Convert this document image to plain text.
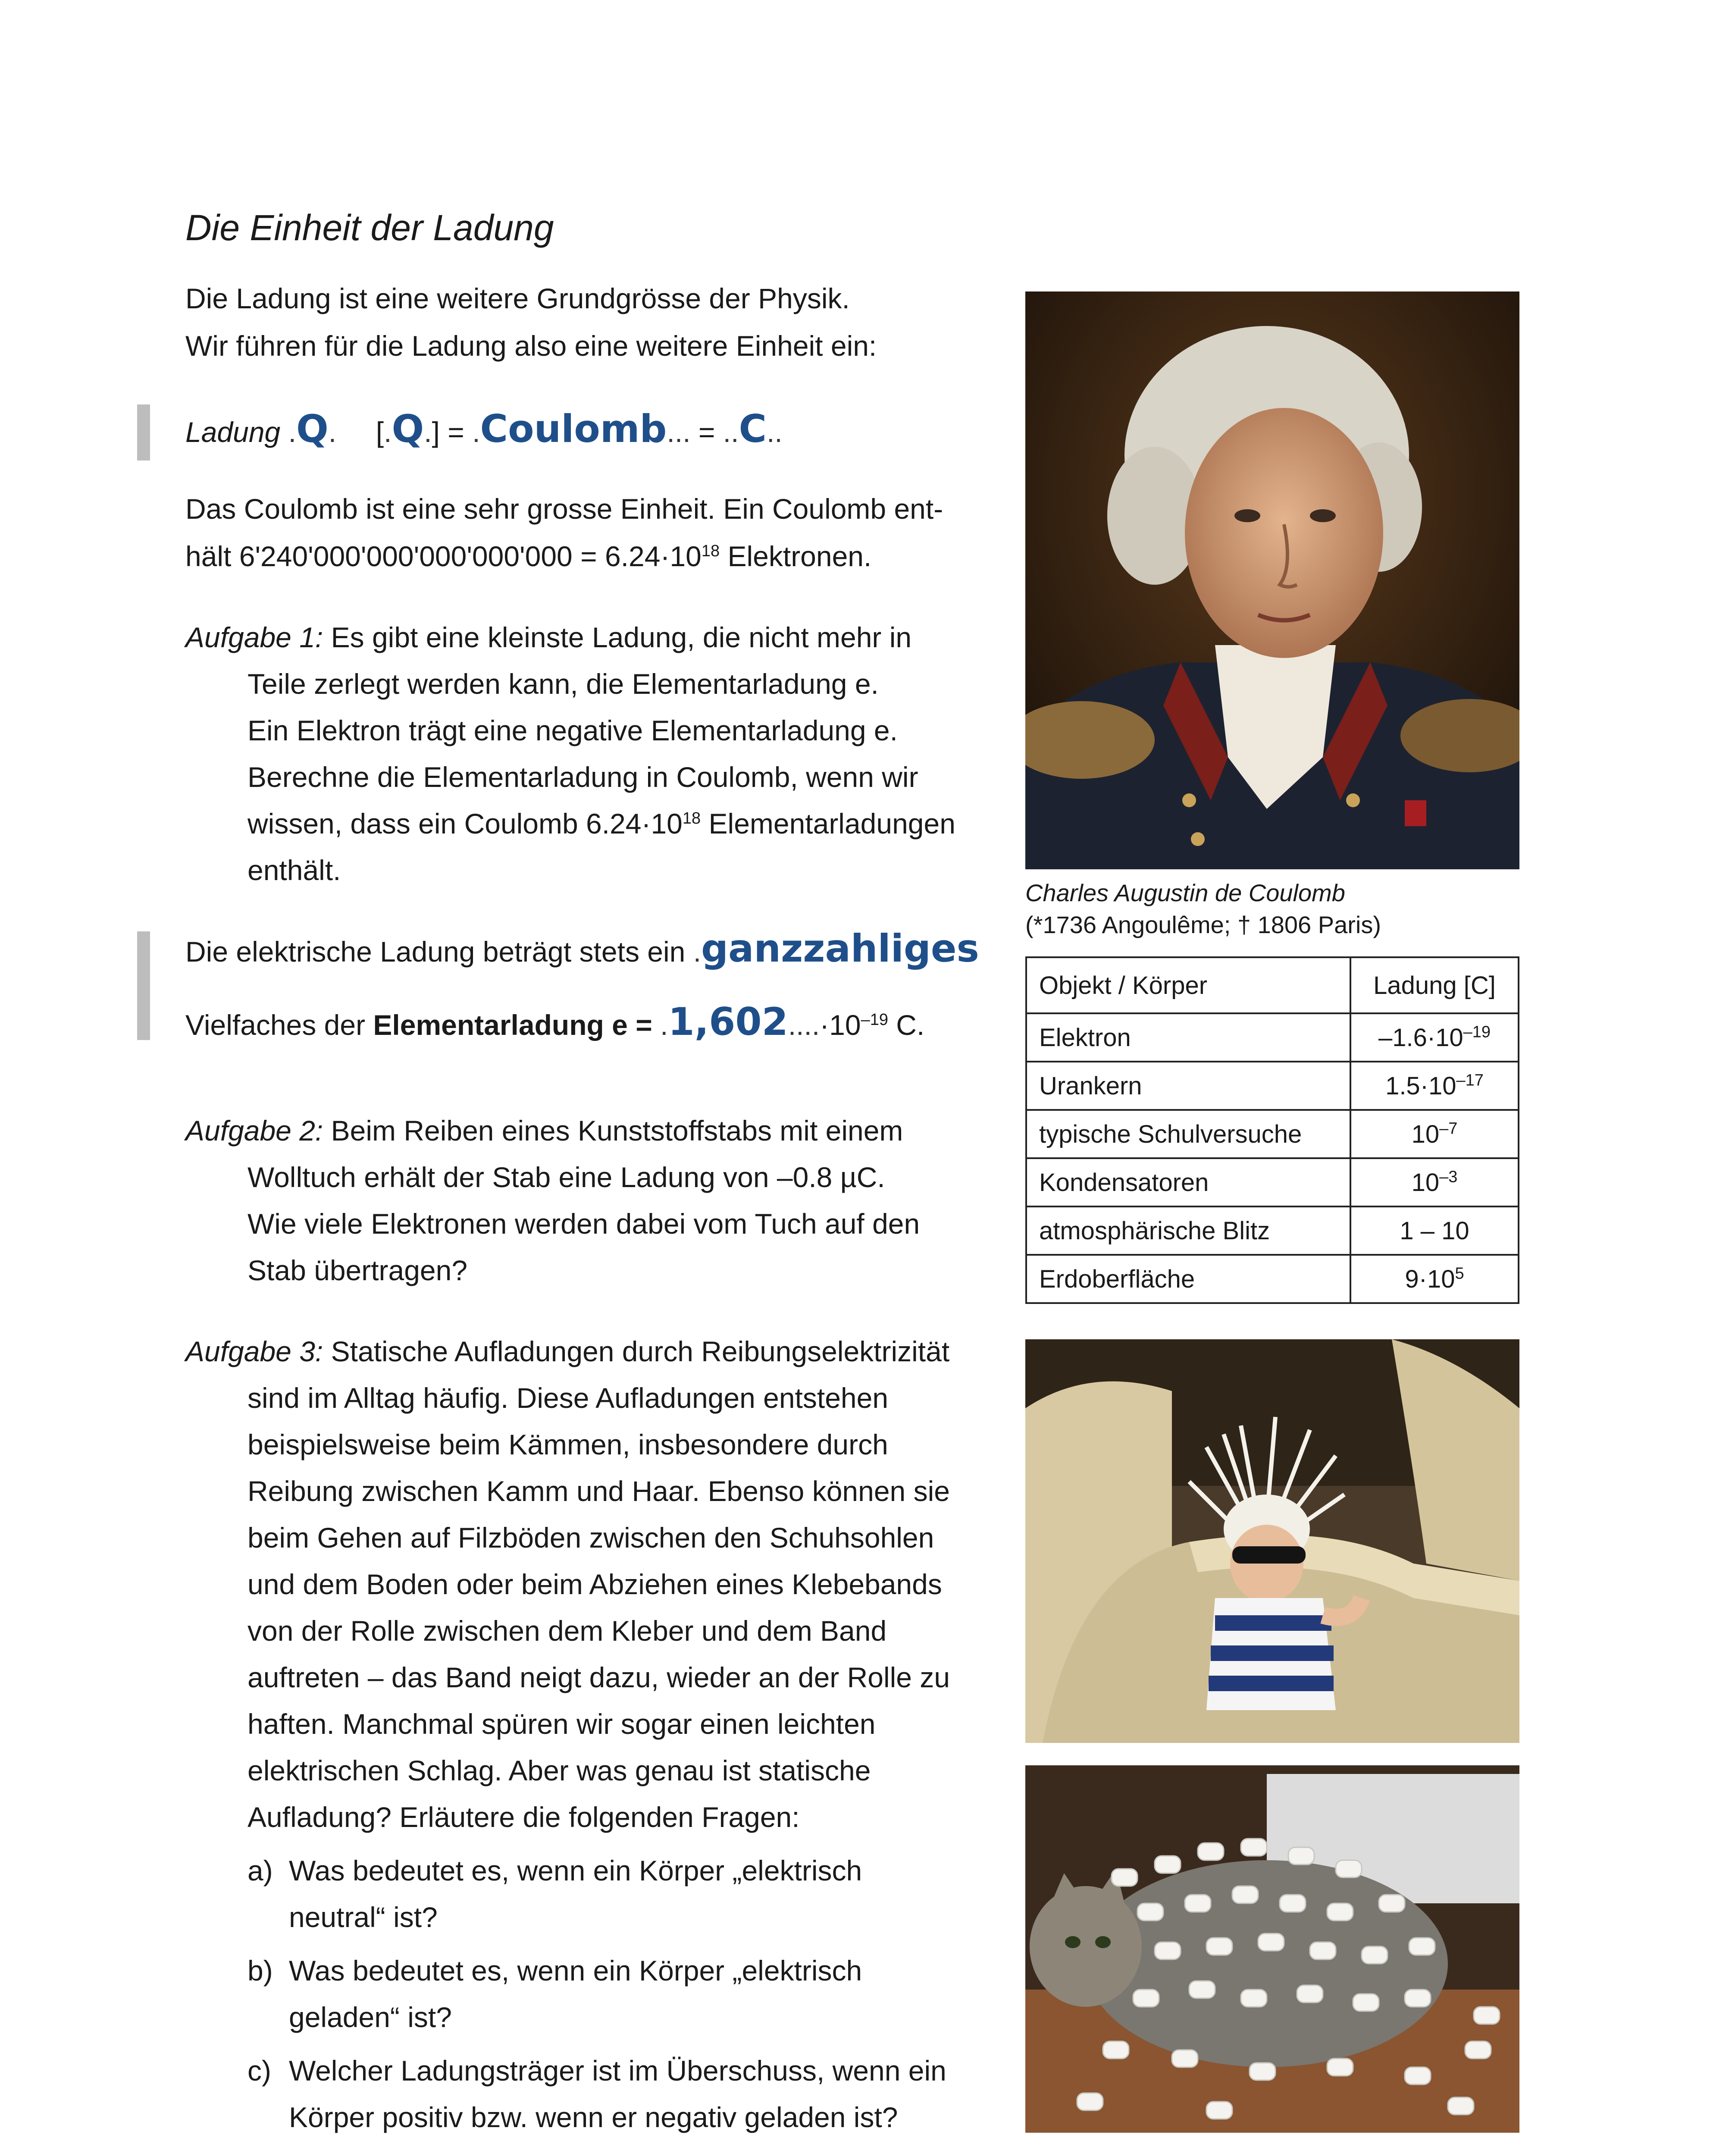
Die Einheit der Ladung
Die Ladung ist eine weitere Grundgrösse der Physik.
Wir führen für die Ladung also eine weitere Einheit ein:
Ladung .Q. [.Q.] = .Coulomb... = ..C..
Das Coulomb ist eine sehr grosse Einheit. Ein Coulomb ent-
hält $6'240'000'000'000'000'000 = 6.24\cdot 10^{18}$ Elektronen.
Aufgabe 1: Es gibt eine kleinste Ladung, die nicht mehr in
Teile zerlegt werden kann, die Elementarladung e.
Ein Elektron trägt eine negative Elementarladung e.
Berechne die Elementarladung in Coulomb, wenn wir
wissen, dass ein Coulomb $6.24\cdot 10^{18}$ Elementarladungen
enthält.
Die elektrische Ladung beträgt stets ein .ganzzahliges
Vielfaches der Elementarladung $e = .1,602....\cdot 10^{-19}$ C.
Aufgabe 2: Beim Reiben eines Kunststoffstabs mit einem
Wolltuch erhält der Stab eine Ladung von –0.8 µC.
Wie viele Elektronen werden dabei vom Tuch auf den
Stab übertragen?
Aufgabe 3: Statische Aufladungen durch Reibungselektrizität
sind im Alltag häufig. Diese Aufladungen entstehen
beispielsweise beim Kämmen, insbesondere durch
Reibung zwischen Kamm und Haar. Ebenso können sie
beim Gehen auf Filzböden zwischen den Schuhsohlen
und dem Boden oder beim Abziehen eines Klebebands
von der Rolle zwischen dem Kleber und dem Band
auftreten – das Band neigt dazu, wieder an der Rolle zu
haften. Manchmal spüren wir sogar einen leichten
elektrischen Schlag. Aber was genau ist statische
Aufladung? Erläutere die folgenden Fragen:
a) Was bedeutet es, wenn ein Körper „elektrisch
neutral“ ist?
b) Was bedeutet es, wenn ein Körper „elektrisch
geladen“ ist?
c) Welcher Ladungsträger ist im Überschuss, wenn ein
Körper positiv bzw. wenn er negativ geladen ist?
Charles Augustin de Coulomb
(*1736 Angoulême; † 1806 Paris)
Objekt / Körper	Ladung [C]
Elektron	$-1.6\cdot 10^{-19}$
Urankern	$1.5\cdot 10^{-17}$
typische Schulversuche	$10^{-7}$
Kondensatoren	$10^{-3}$
atmosphärische Blitz	1 – 10
Erdoberfläche	$9\cdot 10^5$
